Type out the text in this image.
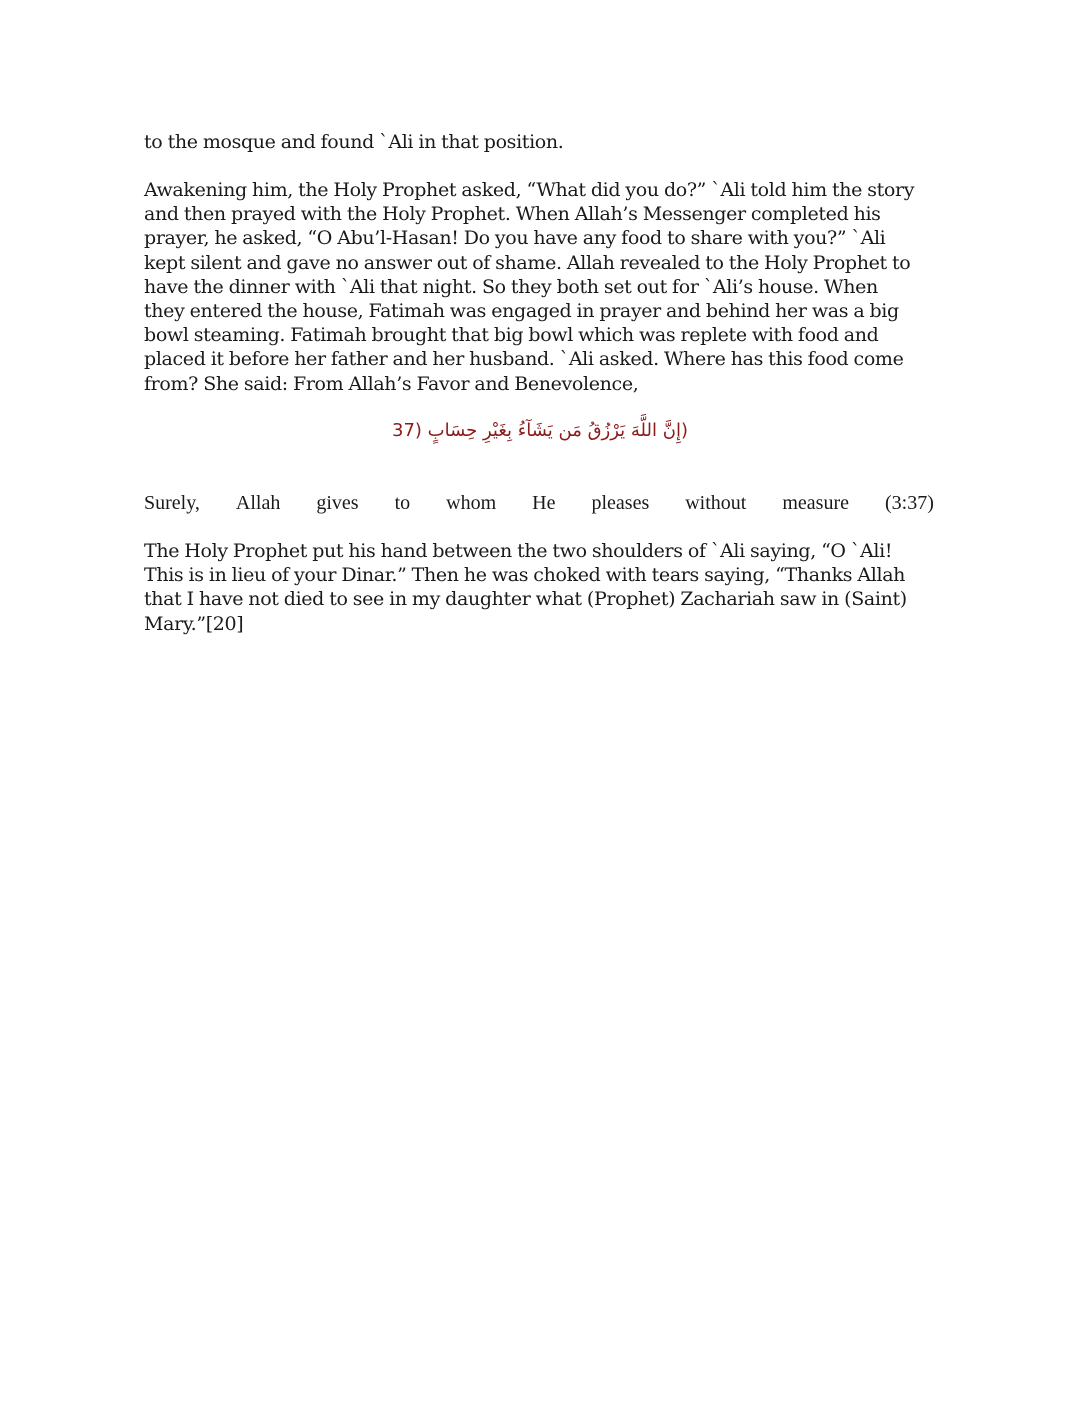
to the mosque and found `Ali in that position.
Awakening him, the Holy Prophet asked, “What did you do?” `Ali told him the story
and then prayed with the Holy Prophet. When Allah’s Messenger completed his
prayer, he asked, “O Abu’l-Hasan! Do you have any food to share with you?” `Ali
kept silent and gave no answer out of shame. Allah revealed to the Holy Prophet to
have the dinner with `Ali that night. So they both set out for `Ali’s house. When
they entered the house, Fatimah was engaged in prayer and behind her was a big
bowl steaming. Fatimah brought that big bowl which was replete with food and
placed it before her father and her husband. `Ali asked. Where has this food come
from? She said: From Allah’s Favor and Benevolence,
(إِنَّ اللَّهَ يَرْزُقُ مَن يَشَآءُ بِغَيْرِ حِسَابٍ (37
Surely, Allah gives to whom He pleases without measure (3:37)
The Holy Prophet put his hand between the two shoulders of `Ali saying, “O `Ali!
This is in lieu of your Dinar.” Then he was choked with tears saying, “Thanks Allah
that I have not died to see in my daughter what (Prophet) Zachariah saw in (Saint)
Mary.”[20]
